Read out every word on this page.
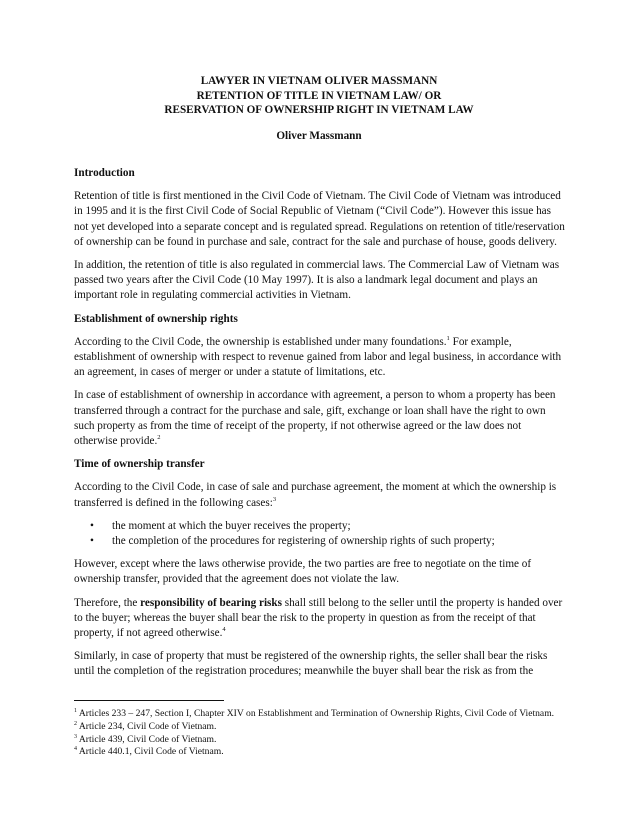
LAWYER IN VIETNAM OLIVER MASSMANN
RETENTION OF TITLE IN VIETNAM LAW/ OR
RESERVATION OF OWNERSHIP RIGHT IN VIETNAM LAW
Oliver Massmann
Introduction

Retention of title is first mentioned in the Civil Code of Vietnam. The Civil Code of Vietnam was introduced in 1995 and it is the first Civil Code of Social Republic of Vietnam (“Civil Code”). However this issue has not yet developed into a separate concept and is regulated spread. Regulations on retention of title/reservation of ownership can be found in purchase and sale, contract for the sale and purchase of house, goods delivery.

In addition, the retention of title is also regulated in commercial laws. The Commercial Law of Vietnam was passed two years after the Civil Code (10 May 1997). It is also a landmark legal document and plays an important role in regulating commercial activities in Vietnam.

Establishment of ownership rights

According to the Civil Code, the ownership is established under many foundations.$^1$ For example, establishment of ownership with respect to revenue gained from labor and legal business, in accordance with an agreement, in cases of merger or under a statute of limitations, etc.

In case of establishment of ownership in accordance with agreement, a person to whom a property has been transferred through a contract for the purchase and sale, gift, exchange or loan shall have the right to own such property as from the time of receipt of the property, if not otherwise agreed or the law does not otherwise provide.$^2$

Time of ownership transfer

According to the Civil Code, in case of sale and purchase agreement, the moment at which the ownership is transferred is defined in the following cases:$^3$

• the moment at which the buyer receives the property;
• the completion of the procedures for registering of ownership rights of such property;

However, except where the laws otherwise provide, the two parties are free to negotiate on the time of ownership transfer, provided that the agreement does not violate the law.

Therefore, the responsibility of bearing risks shall still belong to the seller until the property is handed over to the buyer; whereas the buyer shall bear the risk to the property in question as from the receipt of that property, if not agreed otherwise.$^4$

Similarly, in case of property that must be registered of the ownership rights, the seller shall bear the risks until the completion of the registration procedures; meanwhile the buyer shall bear the risk as from the

$^1$ Articles 233 – 247, Section I, Chapter XIV on Establishment and Termination of Ownership Rights, Civil Code of Vietnam.
$^2$ Article 234, Civil Code of Vietnam.
$^3$ Article 439, Civil Code of Vietnam.
$^4$ Article 440.1, Civil Code of Vietnam.
